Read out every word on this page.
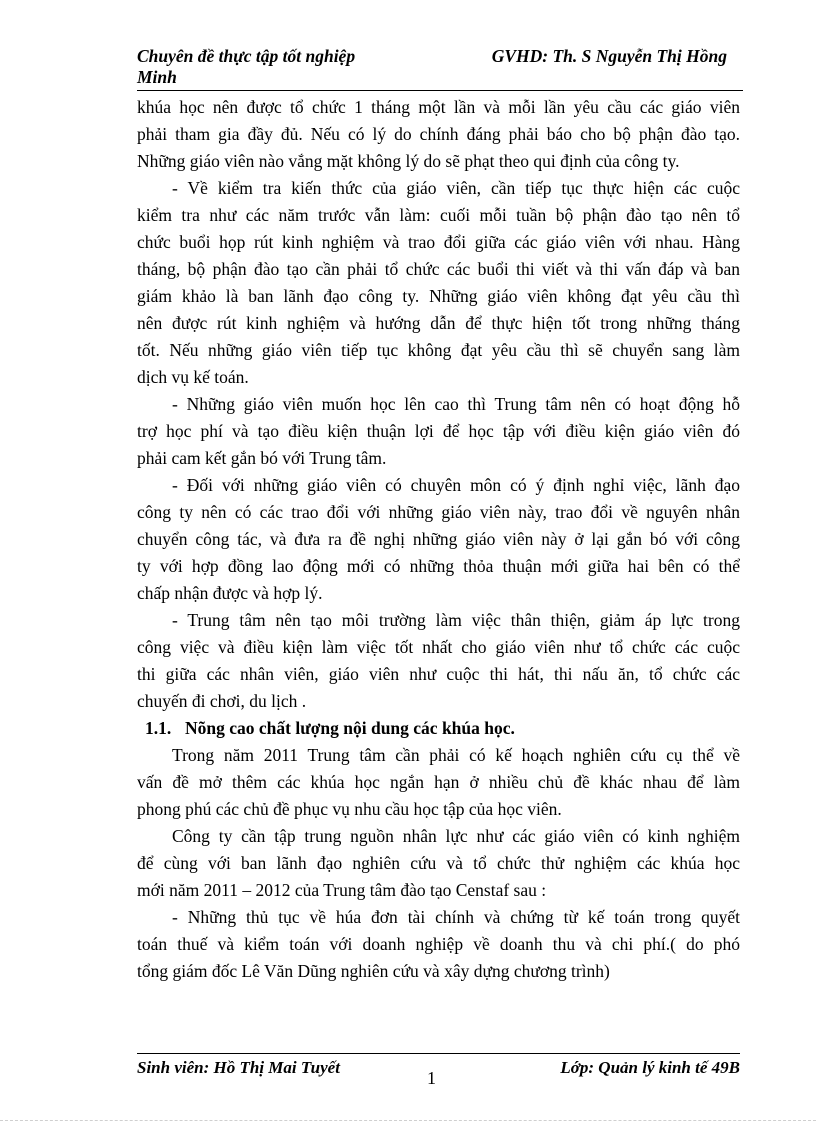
Chuyên đề thực tập tốt nghiệp Minh
GVHD: Th. S Nguyễn Thị Hồng
khúa học nên được tổ chức 1 tháng một lần và mỗi lần yêu cầu các giáo viên
phải tham gia đầy đủ. Nếu có lý do chính đáng phải báo cho bộ phận đào tạo.
Những giáo viên nào vắng mặt không lý do sẽ phạt theo qui định của công ty.
- Về kiểm tra kiến thức của giáo viên, cần tiếp tục thực hiện các cuộc
kiểm tra như các năm trước vẫn làm: cuối mỗi tuần bộ phận đào tạo nên tổ
chức buổi họp rút kinh nghiệm và trao đổi giữa các giáo viên với nhau. Hàng
tháng, bộ phận đào tạo cần phải tổ chức các buổi thi viết và thi vấn đáp và ban
giám khảo là ban lãnh đạo công ty. Những giáo viên không đạt yêu cầu thì
nên được rút kinh nghiệm và hướng dẫn để thực hiện tốt trong những tháng
tốt. Nếu những giáo viên tiếp tục không đạt yêu cầu thì sẽ chuyển sang làm
dịch vụ kế toán.
- Những giáo viên muốn học lên cao thì Trung tâm nên có hoạt động hỗ
trợ học phí và tạo điều kiện thuận lợi để học tập với điều kiện giáo viên đó
phải cam kết gắn bó với Trung tâm.
- Đối với những giáo viên có chuyên môn có ý định nghỉ việc, lãnh đạo
công ty nên có các trao đổi với những giáo viên này, trao đổi về nguyên nhân
chuyển công tác, và đưa ra đề nghị những giáo viên này ở lại gắn bó với công
ty với hợp đồng lao động mới có những thỏa thuận mới giữa hai bên có thể
chấp nhận được và hợp lý.
- Trung tâm nên tạo môi trường làm việc thân thiện, giảm áp lực trong
công việc và điều kiện làm việc tốt nhất cho giáo viên như tổ chức các cuộc
thi giữa các nhân viên, giáo viên như cuộc thi hát, thi nấu ăn, tổ chức các
chuyến đi chơi, du lịch .
1.1. Nõng cao chất lượng nội dung các khúa học.
Trong năm 2011 Trung tâm cần phải có kế hoạch nghiên cứu cụ thể về
vấn đề mở thêm các khúa học ngắn hạn ở nhiều chủ đề khác nhau để làm
phong phú các chủ đề phục vụ nhu cầu học tập của học viên.
Công ty cần tập trung nguồn nhân lực như các giáo viên có kinh nghiệm
để cùng với ban lãnh đạo nghiên cứu và tổ chức thử nghiệm các khúa học
mới năm 2011 – 2012 của Trung tâm đào tạo Censtaf sau :
- Những thủ tục về húa đơn tài chính và chứng từ kế toán trong quyết
toán thuế và kiểm toán với doanh nghiệp về doanh thu và chi phí.( do phó
tổng giám đốc Lê Văn Dũng nghiên cứu và xây dựng chương trình)
Sinh viên: Hồ Thị Mai Tuyết
1
Lớp: Quản lý kinh tế 49B
